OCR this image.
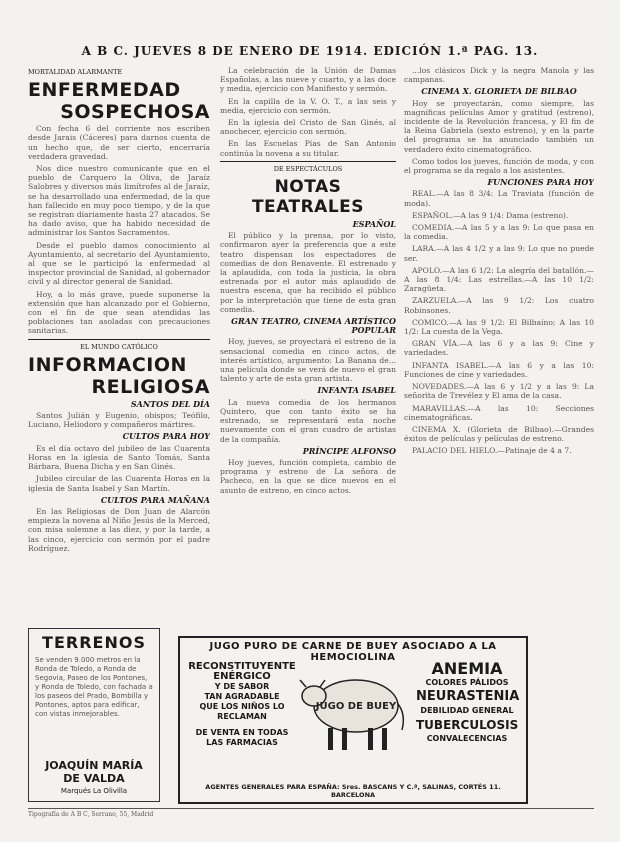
A B C. JUEVES 8 DE ENERO DE 1914. EDICIÓN 1.ª PAG. 13.
MORTALIDAD ALARMANTE
ENFERMEDAD
SOSPECHOSA

Con fecha 6 del corriente nos escriben desde Jarais (Cáceres) para darnos cuenta de un hecho que, de ser cierto, encerraría verdadera gravedad.

Nos dice nuestro comunicante que en el pueblo de Carquero la Oliva, de Jaraíz Salobres y diversos más limítrofes al de Jaraíz, se ha desarrollado una enfermedad, de la que han fallecido en muy poco tiempo, y de la que se registran diariamente hasta 27 atacados. Se ha dado aviso, que ha habido necesidad de administrar los Santos Sacramentos.

Desde el pueblo damos conocimiento al Ayuntamiento, al secretario del Ayuntamiento, al que se le participó la enfermedad al inspector provincial de Sanidad, al gobernador civil y al director general de Sanidad.

Hoy, a lo más grave, puede suponerse la extensión que han alcanzado por el Gobierno, con el fin de que sean atendidas las poblaciones tan asoladas con precauciones sanitarias.

EL MUNDO CATÓLICO
INFORMACION
RELIGIOSA
SANTOS DEL DÍA

Santos Julián y Eugenio, obispos; Teófilo, Luciano, Heliodoro y compañeros mártires.

CULTOS PARA HOY

Es el día octavo del jubileo de las Cuarenta Horas en la iglesia de Santo Tomás, Santa Bárbara, Buena Dicha y en San Ginés.

Jubileo circular de las Cuarenta Horas en la iglesia de Santa Isabel y San Martín.

CULTOS PARA MAÑANA

En las Religiosas de Don Juan de Alarcón empieza la novena al Niño Jesús de la Merced, con misa solemne a las diez, y por la tarde, a las cinco, ejercicio con sermón por el padre Rodríguez.

La celebración de la Unión de Damas Españolas, a las nueve y cuarto, y a las doce y media, ejercicio con Manifiesto y sermón.

En la capilla de la V. O. T., a las seis y media, ejercicio con sermón.

En la iglesia del Cristo de San Ginés, al anochecer, ejercicio con sermón.

En las Escuelas Pías de San Antonio continúa la novena a su titular.

DE ESPECTÁCULOS
NOTAS TEATRALES
ESPAÑOL

El público y la prensa, por lo visto, confirmaron ayer la preferencia que a este teatro dispensan los espectadores de comedias de don Benavente. El estrenado y la aplaudida, con toda la justicia, la obra estrenada por el autor más aplaudido de nuestra escena, que ha recibido el público por la interpretación que tiene de esta gran comedia.

GRAN TEATRO, CINEMA ARTÍSTICO POPULAR

Hoy, jueves, se proyectará el estreno de la sensacional comedia en cinco actos, de interés artístico, argumento: La Banana de... una película donde se verá de nuevo el gran talento y arte de esta gran artista.

INFANTA ISABEL

La nueva comedia de los hermanos Quintero, que con tanto éxito se ha estrenado, se representará esta noche nuevamente con el gran cuadro de artistas de la compañía.

PRÍNCIPE ALFONSO

Hoy jueves, función completa, cambio de programa y estreno de La señora de Pacheco, en la que se dice nuevos en el asunto de estreno, en cinco actos.

...los clásicos Dick y la negra Manola y las campanas.

CINEMA X. GLORIETA DE BILBAO

Hoy se proyectarán, como siempre, las magníficas películas Amor y gratitud (estreno), incidente de la Revolución francesa, y El fin de la Reina Gabriela (sexto estreno), y en la parte del programa se ha anunciado también un verdadero éxito cinematográfico.

Como todos los jueves, función de moda, y con el programa se da regalo a los asistentes.

FUNCIONES PARA HOY

REAL.—A las 8 3/4: La Traviata (función de moda).

ESPAÑOL.—A las 9 1/4: Dama (estreno).

COMEDIA.—A las 5 y a las 9: Lo que pasa en la comedia.

LARA.—A las 4 1/2 y a las 9: Lo que no puede ser.

APOLO.—A las 6 1/2: La alegría del batallón.—A las 8 1/4: Las estrellas.—A las 10 1/2: Zaragüeta.

ZARZUELA.—A las 9 1/2: Los cuatro Robinsones.

COMICO.—A las 9 1/2: El Bilbaíno; A las 10 1/2: La cuesta de la Vega.

GRAN VÍA.—A las 6 y a las 9: Cine y variedades.

INFANTA ISABEL.—A las 6 y a las 10: Funciones de cine y variedades.

NOVEDADES.—A las 6 y 1/2 y a las 9: La señorita de Trevélez y El ama de la casa.

MARAVILLAS.—A las 10: Secciones cinematográficas.

CINEMA X. (Glorieta de Bilbao).—Grandes éxitos de películas y películas de estreno.

PALACIO DEL HIELO.—Patinaje de 4 a 7.

TERRENOS
Se venden 9.000 metros en la Ronda de Toledo, a Ronda de Segovia, Paseo de los Pontones, y Ronda de Toledo, con fachada a los paseos del Prado, Bombilla y Pontones, aptos para edificar, con vistas inmejorables.
JOAQUÍN MARÍA DE VALDA
Marqués La Olivilla
JUGO PURO DE CARNE DE BUEY ASOCIADO A LA HEMOCIOLINA
RECONSTITUYENTE
ENÉRGICO
Y DE SABOR
TAN AGRADABLE
QUE LOS NIÑOS LO RECLAMAN
DE VENTA EN TODAS
LAS FARMACIAS
JUGO DE BUEY
ANEMIA
COLORES PÁLIDOS
NEURASTENIA
DEBILIDAD GENERAL
TUBERCULOSIS
CONVALECENCIAS
AGENTES GENERALES PARA ESPAÑA: Sres. BASCANS Y C.ª, SALINAS, CORTÉS 11. BARCELONA
Tipografía de A B C, Serrano, 55, Madrid
